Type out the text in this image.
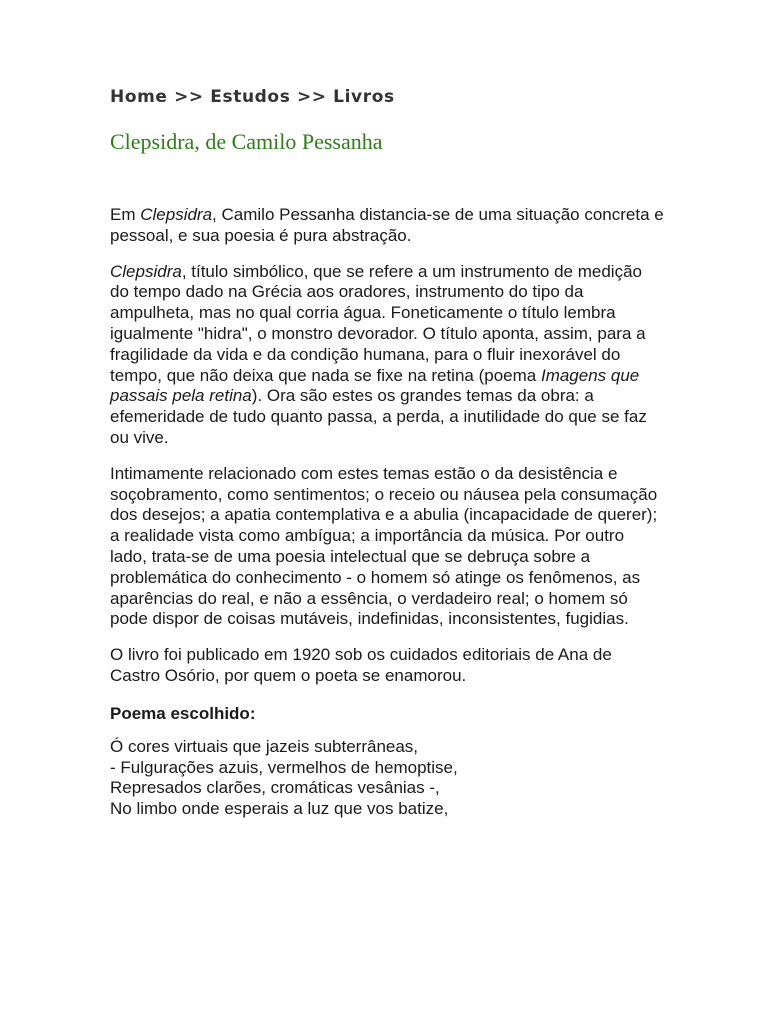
Home >> Estudos >> Livros
Clepsidra, de Camilo Pessanha

Em Clepsidra, Camilo Pessanha distancia-se de uma situação concreta e pessoal, e sua poesia é pura abstração.

Clepsidra, título simbólico, que se refere a um instrumento de medição do tempo dado na Grécia aos oradores, instrumento do tipo da ampulheta, mas no qual corria água. Foneticamente o título lembra igualmente "hidra", o monstro devorador. O título aponta, assim, para a fragilidade da vida e da condição humana, para o fluir inexorável do tempo, que não deixa que nada se fixe na retina (poema Imagens que passais pela retina). Ora são estes os grandes temas da obra: a efemeridade de tudo quanto passa, a perda, a inutilidade do que se faz ou vive.

Intimamente relacionado com estes temas estão o da desistência e soçobramento, como sentimentos; o receio ou náusea pela consumação dos desejos; a apatia contemplativa e a abulia (incapacidade de querer); a realidade vista como ambígua; a importância da música. Por outro lado, trata-se de uma poesia intelectual que se debruça sobre a problemática do conhecimento - o homem só atinge os fenômenos, as aparências do real, e não a essência, o verdadeiro real; o homem só pode dispor de coisas mutáveis, indefinidas, inconsistentes, fugidias.

O livro foi publicado em 1920 sob os cuidados editoriais de Ana de Castro Osório, por quem o poeta se enamorou.

Poema escolhido:
Ó cores virtuais que jazeis subterrâneas,
- Fulgurações azuis, vermelhos de hemoptise,
Represados clarões, cromáticas vesânias -,
No limbo onde esperais a luz que vos batize,
